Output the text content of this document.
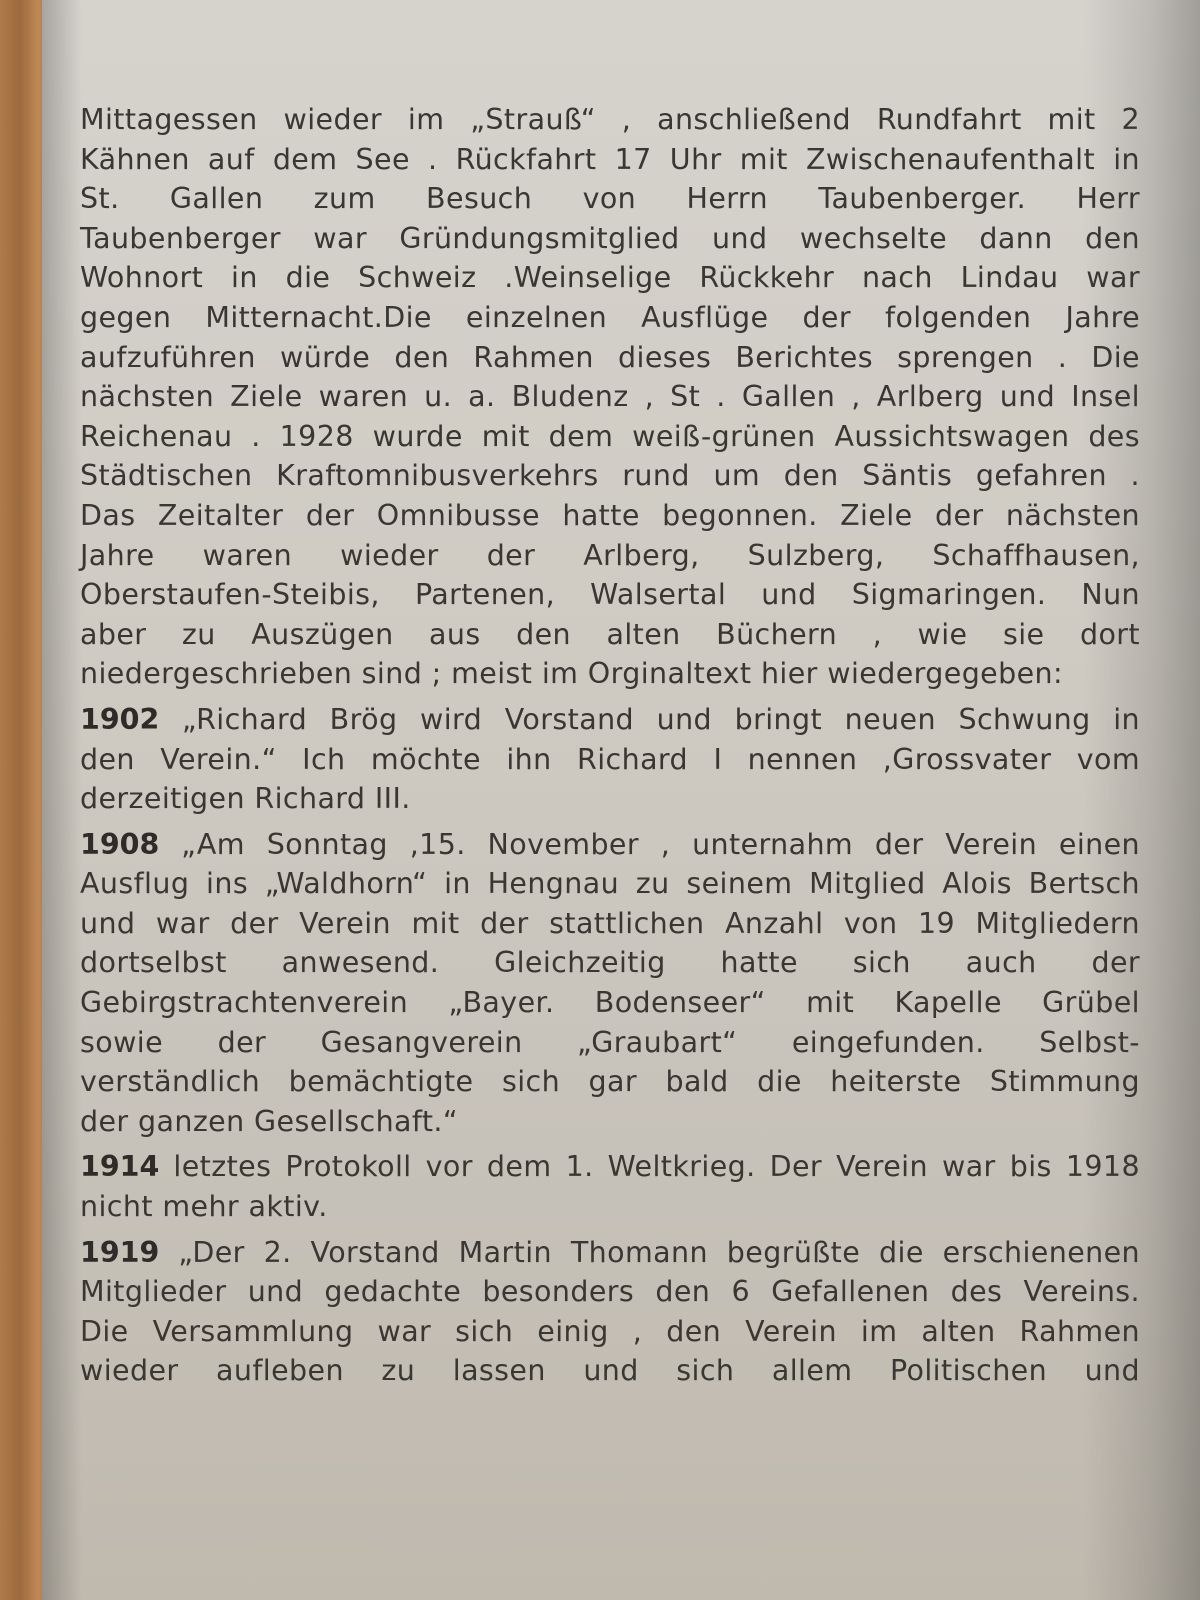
Mittagessen wieder im „Strauß“ , anschließend Rundfahrt mit 2
Kähnen auf dem See . Rückfahrt 17 Uhr mit Zwischenaufenthalt in
St. Gallen zum Besuch von Herrn Taubenberger. Herr
Taubenberger war Gründungsmitglied und wechselte dann den
Wohnort in die Schweiz .Weinselige Rückkehr nach Lindau war
gegen Mitternacht.Die einzelnen Ausflüge der folgenden Jahre
aufzuführen würde den Rahmen dieses Berichtes sprengen . Die
nächsten Ziele waren u. a. Bludenz , St . Gallen , Arlberg und Insel
Reichenau . 1928 wurde mit dem weiß-grünen Aussichtswagen des
Städtischen Kraftomnibusverkehrs rund um den Säntis gefahren .
Das Zeitalter der Omnibusse hatte begonnen. Ziele der nächsten
Jahre waren wieder der Arlberg, Sulzberg, Schaffhausen,
Oberstaufen-Steibis, Partenen, Walsertal und Sigmaringen. Nun
aber zu Auszügen aus den alten Büchern , wie sie dort
niedergeschrieben sind ; meist im Orginaltext hier wiedergegeben:
1902 „Richard Brög wird Vorstand und bringt neuen Schwung in
den Verein.“ Ich möchte ihn Richard I nennen ,Grossvater vom
derzeitigen Richard III.
1908 „Am Sonntag ,15. November , unternahm der Verein einen
Ausflug ins „Waldhorn“ in Hengnau zu seinem Mitglied Alois Bertsch
und war der Verein mit der stattlichen Anzahl von 19 Mitgliedern
dortselbst anwesend. Gleichzeitig hatte sich auch der
Gebirgstrachtenverein „Bayer. Bodenseer“ mit Kapelle Grübel
sowie der Gesangverein „Graubart“ eingefunden. Selbst-
verständlich bemächtigte sich gar bald die heiterste Stimmung
der ganzen Gesellschaft.“
1914 letztes Protokoll vor dem 1. Weltkrieg. Der Verein war bis 1918
nicht mehr aktiv.
1919 „Der 2. Vorstand Martin Thomann begrüßte die erschienenen
Mitglieder und gedachte besonders den 6 Gefallenen des Vereins.
Die Versammlung war sich einig , den Verein im alten Rahmen
wieder aufleben zu lassen und sich allem Politischen und
